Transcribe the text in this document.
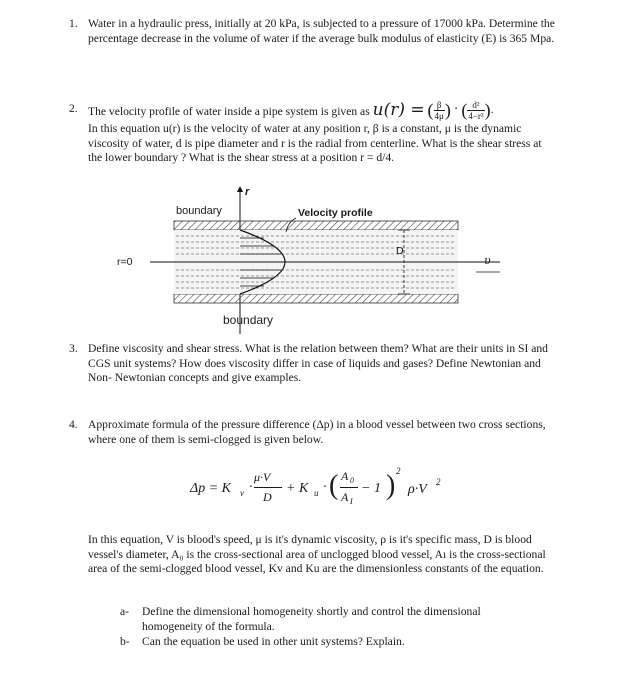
1. Water in a hydraulic press, initially at 20 kPa, is subjected to a pressure of 17000 kPa. Determine the percentage decrease in the volume of water if the average bulk modulus of elasticity (E) is 365 Mpa.

2. The velocity profile of water inside a pipe system is given as u(r) = ( $\frac{\beta}{4\mu}$ ) · ( $\frac{\text{d²}}{\text{4−r²}}$ ).

In this equation u(r) is the velocity of water at any position r, β is a constant, μ is the dynamic viscosity of water, d is pipe diameter and r is the radial from centerline. What is the shear stress at the lower boundary ? What is the shear stress at a position r = d/4.

r
boundary	Velocity profile
D
r=0	υ
boundary
3. Define viscosity and shear stress. What is the relation between them? What are their units in SI and CGS unit systems? How does viscosity differ in case of liquids and gases? Define Newtonian and Non- Newtonian concepts and give examples.

4. Approximate formula of the pressure difference (Δp) in a blood vessel between two cross sections, where one of them is semi-clogged is given below.

Δp = K v ·
μ·V
D
+ K u · ( A 0
A I
− 1 ) 2
ρ·V 2

In this equation, V is blood's speed, μ is it's dynamic viscosity, ρ is it's specific mass, D is blood vessel's diameter, A₀ is the cross-sectional area of unclogged blood vessel, Aı is the cross-sectional area of the semi-clogged blood vessel, Kv and Ku are the dimensionless constants of the equation.

a- Define the dimensional homogeneity shortly and control the dimensional homogeneity of the formula.

b- Can the equation be used in other unit systems? Explain.
